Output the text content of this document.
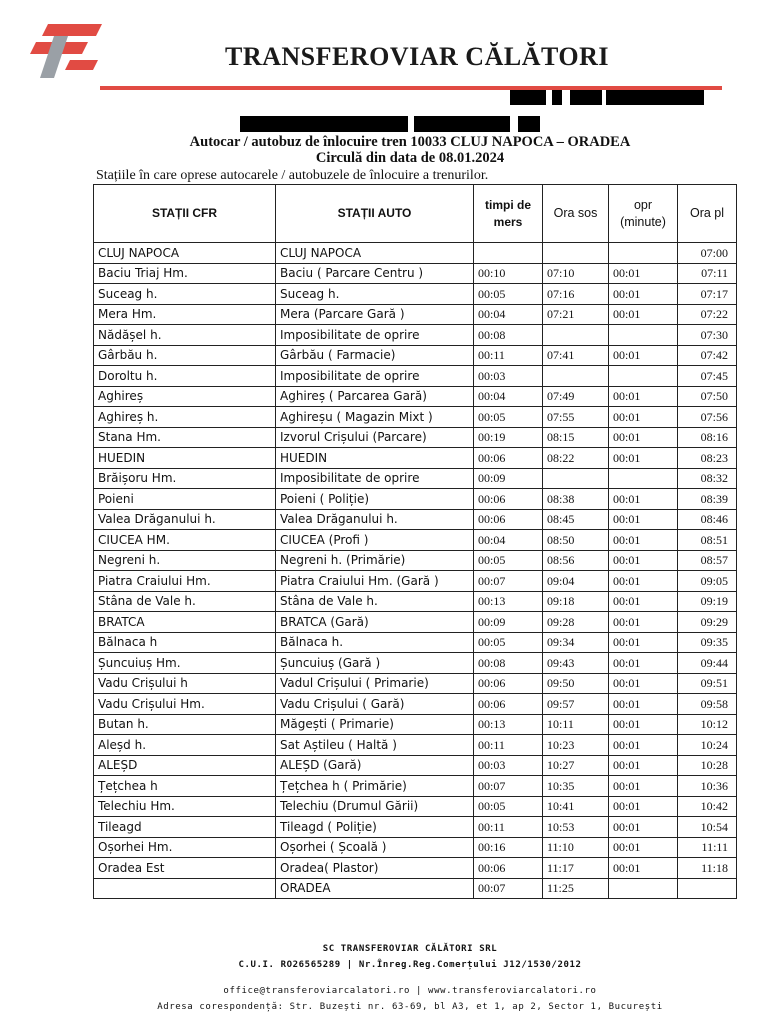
TRANSFEROVIAR CĂLĂTORI
Autocar / autobuz de înlocuire tren 10033 CLUJ NAPOCA – ORADEA
Circulă din data de 08.01.2024
Stațiile în care oprese autocarele / autobuzele de înlocuire a trenurilor.
STAȚII CFR	STAȚII AUTO	timpi de mers	Ora sos	opr (minute)	Ora pl
CLUJ NAPOCA	CLUJ NAPOCA				07:00
Baciu Triaj Hm.	Baciu ( Parcare Centru )	00:10	07:10	00:01	07:11
Suceag h.	Suceag h.	00:05	07:16	00:01	07:17
Mera Hm.	Mera (Parcare Gară )	00:04	07:21	00:01	07:22
Nădășel h.	Imposibilitate de oprire	00:08			07:30
Gârbău h.	Gârbău ( Farmacie)	00:11	07:41	00:01	07:42
Doroltu h.	Imposibilitate de oprire	00:03			07:45
Aghireș	Aghireș ( Parcarea Gară)	00:04	07:49	00:01	07:50
Aghireș h.	Aghireșu ( Magazin Mixt )	00:05	07:55	00:01	07:56
Stana Hm.	Izvorul Crișului (Parcare)	00:19	08:15	00:01	08:16
HUEDIN	HUEDIN	00:06	08:22	00:01	08:23
Brăișoru Hm.	Imposibilitate de oprire	00:09			08:32
Poieni	Poieni ( Poliție)	00:06	08:38	00:01	08:39
Valea Drăganului h.	Valea Drăganului h.	00:06	08:45	00:01	08:46
CIUCEA HM.	CIUCEA (Profi )	00:04	08:50	00:01	08:51
Negreni h.	Negreni h. (Primărie)	00:05	08:56	00:01	08:57
Piatra Craiului Hm.	Piatra Craiului Hm. (Gară )	00:07	09:04	00:01	09:05
Stâna de Vale h.	Stâna de Vale h.	00:13	09:18	00:01	09:19
BRATCA	BRATCA (Gară)	00:09	09:28	00:01	09:29
Bălnaca h	Bălnaca h.	00:05	09:34	00:01	09:35
Șuncuiuș Hm.	Șuncuiuș (Gară )	00:08	09:43	00:01	09:44
Vadu Crișului h	Vadul Crișului ( Primarie)	00:06	09:50	00:01	09:51
Vadu Crișului Hm.	Vadu Crișului ( Gară)	00:06	09:57	00:01	09:58
Butan h.	Măgești ( Primarie)	00:13	10:11	00:01	10:12
Aleșd h.	Sat Aștileu ( Haltă )	00:11	10:23	00:01	10:24
ALEȘD	ALEȘD (Gară)	00:03	10:27	00:01	10:28
Țețchea h	Țețchea h ( Primărie)	00:07	10:35	00:01	10:36
Telechiu Hm.	Telechiu (Drumul Gării)	00:05	10:41	00:01	10:42
Tileagd	Tileagd ( Poliție)	00:11	10:53	00:01	10:54
Oșorhei Hm.	Oșorhei ( Școală )	00:16	11:10	00:01	11:11
Oradea Est	Oradea( Plastor)	00:06	11:17	00:01	11:18
	ORADEA	00:07	11:25		
SC TRANSFEROVIAR CĂLĂTORI SRL
C.U.I. RO26565289 | Nr.Înreg.Reg.Comerțului J12/1530/2012
office@transferoviarcalatori.ro | www.transferoviarcalatori.ro
Adresa corespondență: Str. Buzești nr. 63-69, bl A3, et 1, ap 2, Sector 1, București
